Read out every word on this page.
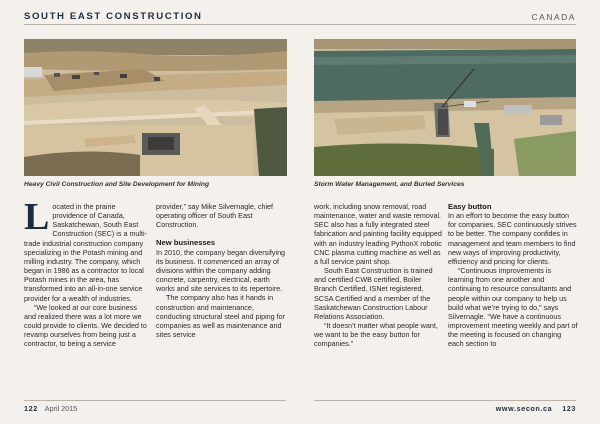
SOUTH EAST CONSTRUCTION	CANADA
Heavy Civil Construction and Site Development for Mining	Storm Water Management, and Buried Services
L ocated in the prairie providence of Canada, Saskatchewan, South East Construction (SEC) is a multi-trade industrial construction company specializing in the Potash mining and milling industry. The company, which began in 1986 as a contractor to local Potash mines in the area, has transformed into an all-in-one service provider for a wealth of industries.

“We looked at our core business and realized there was a lot more we could provide to clients. We decided to revamp ourselves from being just a contractor, to being a service

provider,” say Mike Silvernagle, chief operating officer of South East Construction.

New businesses

In 2010, the company began diversifying its business. It commenced an array of divisions within the company adding concrete, carpentry, electrical, earth works and site services to its repertoire.

The company also has it hands in construction and maintenance, conducting structural steel and piping for companies as well as maintenance and sites service

work, including snow removal, road maintenance, water and waste removal. SEC also has a fully integrated steel fabrication and painting facility equipped with an industry leading PythonX robotic CNC plasma cutting machine as well as a full service paint shop.

South East Construction is trained and certified CWB certified, Boiler Branch Certified, ISNet registered, SCSA Certified and a member of the Saskatchewan Construction Labour Relations Association.

“It doesn’t matter what people want, we want to be the easy button for companies.”

Easy button

In an effort to become the easy button for companies, SEC continuously strives to be better. The company confides in management and team members to find new ways of improving productivity, efficiency and pricing for clients.

“Continuous improvements is learning from one another and continuing to resource consultants and people within our company to help us build what we’re trying to do,” says Silvernagle. “We have a continuous improvement meeting weekly and part of the meeting is focused on changing each section to

122 April 2015	www.secon.ca 123
